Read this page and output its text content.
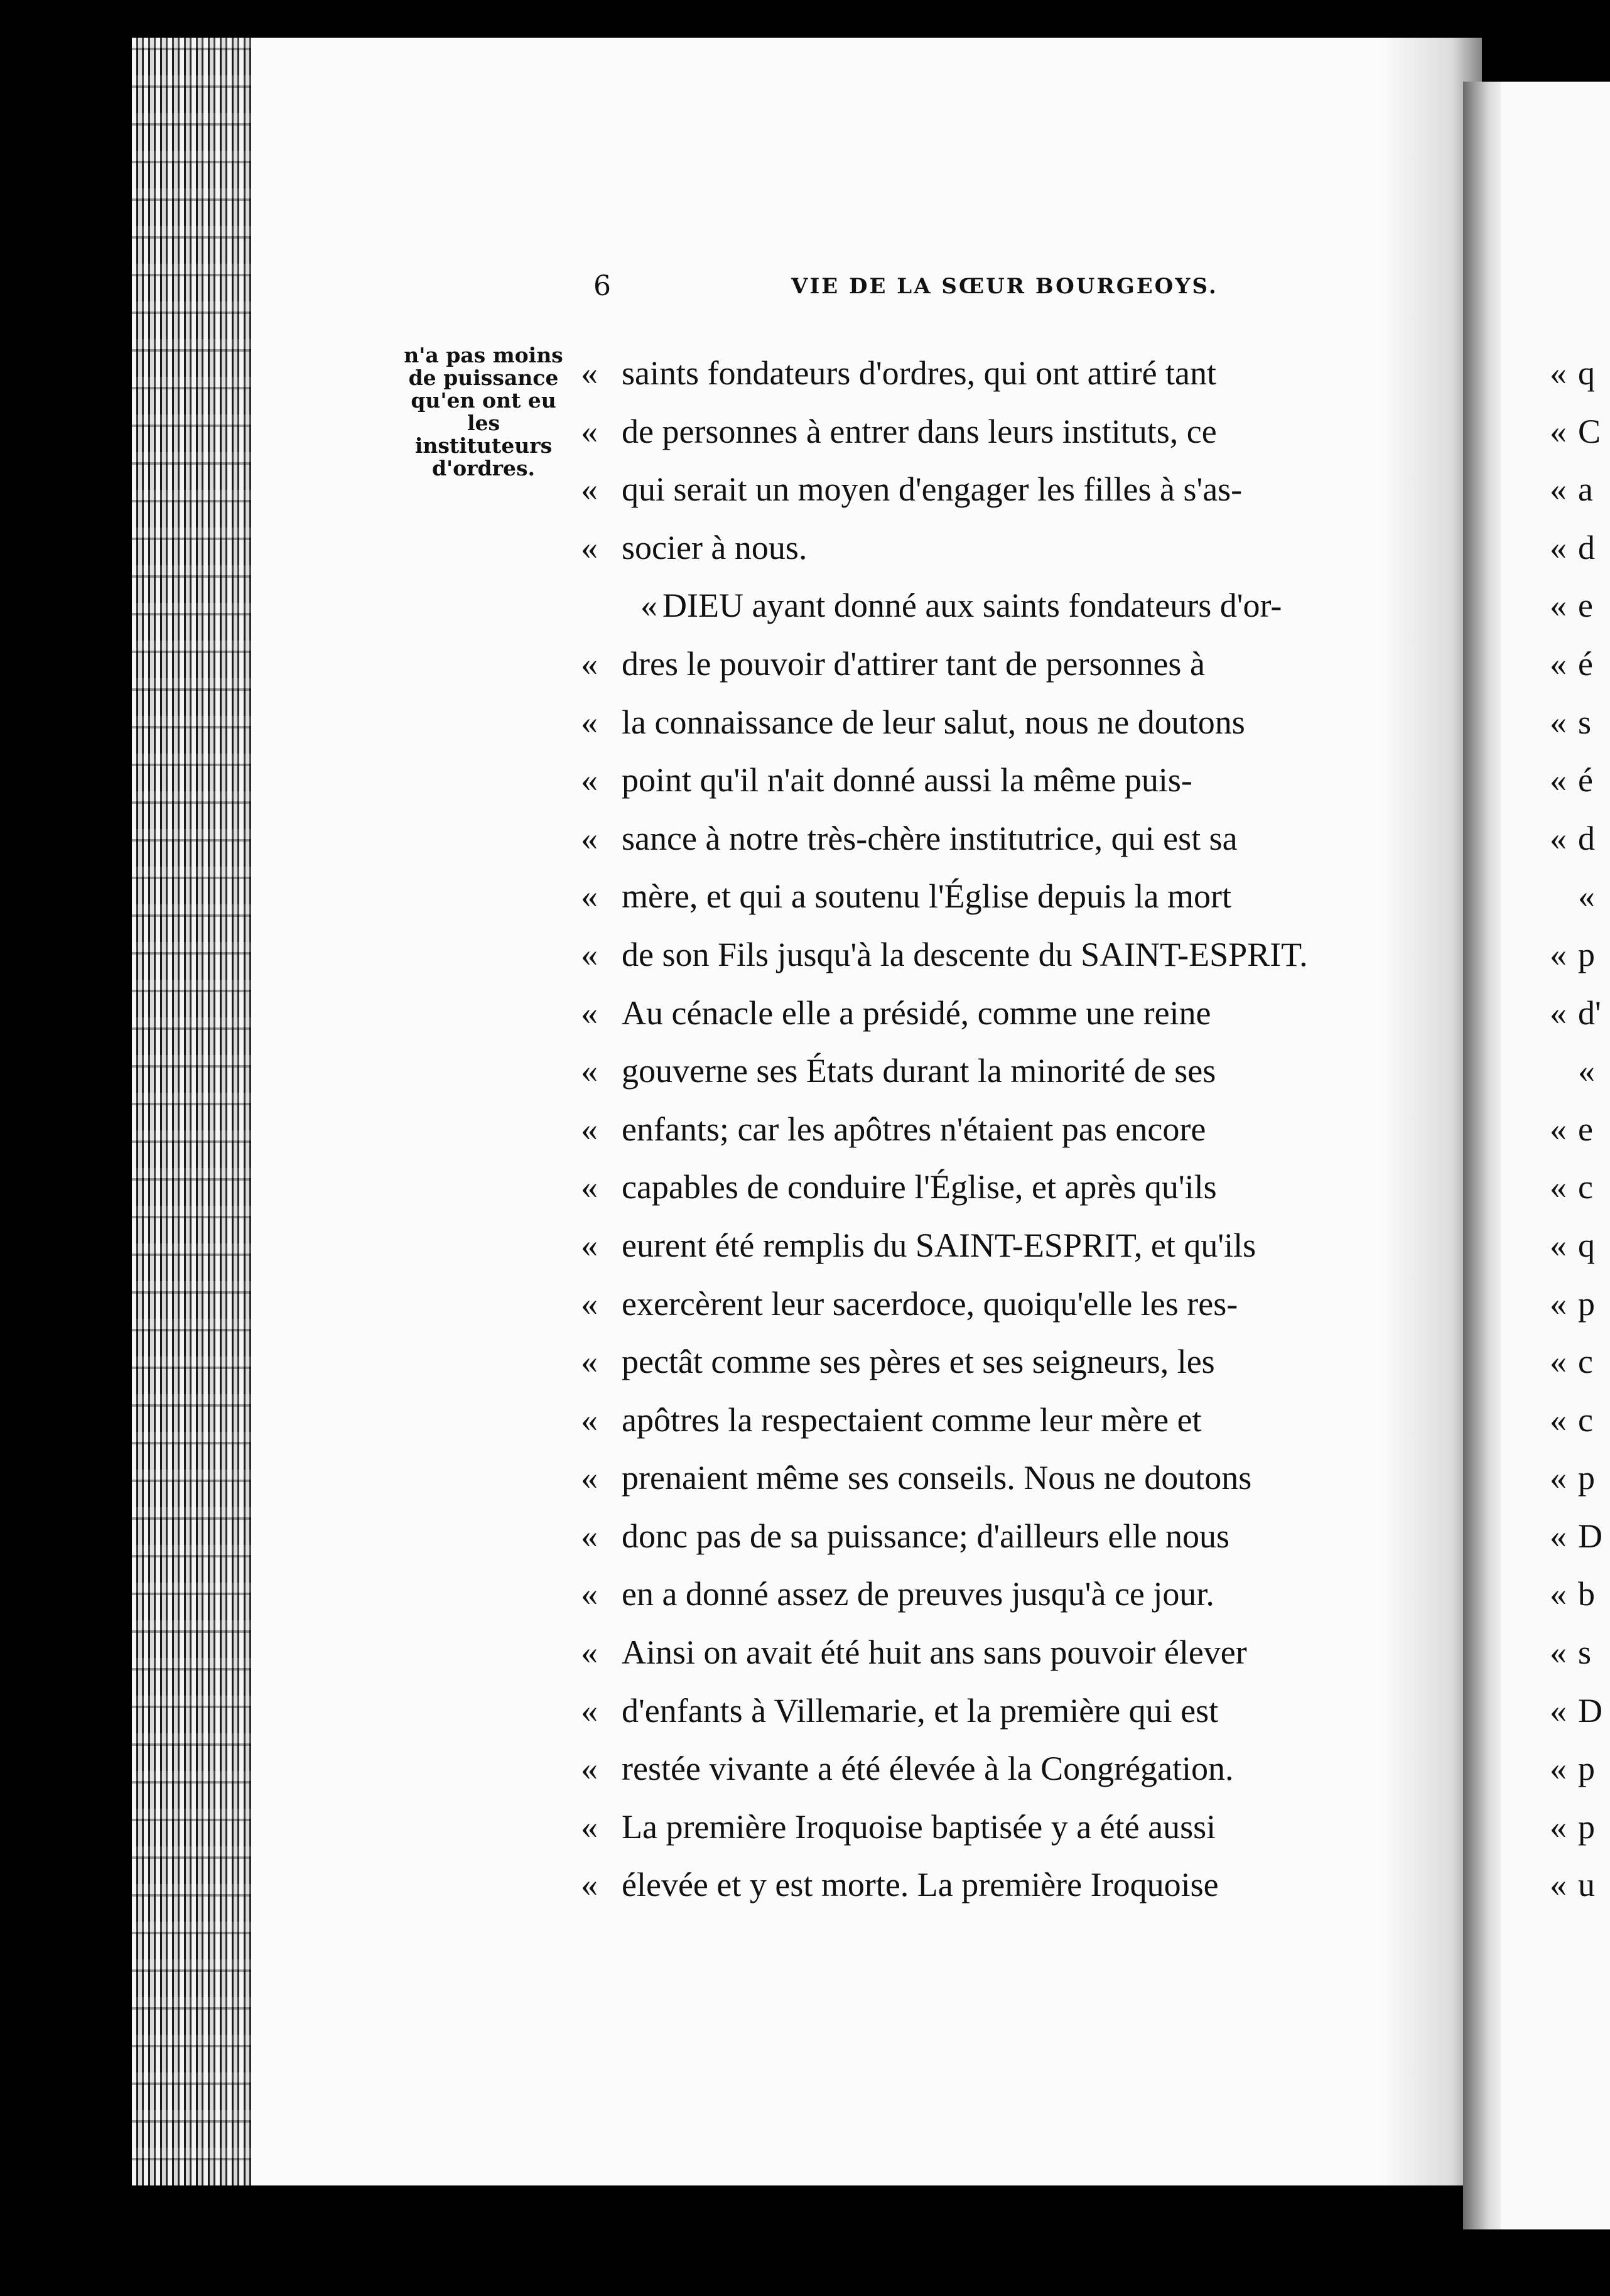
6	VIE DE LA SŒUR BOURGEOYS.
n'a pas moins
de puissance
qu'en ont eu
les
instituteurs
d'ordres.
« saints fondateurs d'ordres, qui ont attiré tant
« de personnes à entrer dans leurs instituts, ce
« qui serait un moyen d'engager les filles à s'as-
« socier à nous.
« DIEU ayant donné aux saints fondateurs d'or-
« dres le pouvoir d'attirer tant de personnes à
« la connaissance de leur salut, nous ne doutons
« point qu'il n'ait donné aussi la même puis-
« sance à notre très-chère institutrice, qui est sa
« mère, et qui a soutenu l'Église depuis la mort
« de son Fils jusqu'à la descente du SAINT-ESPRIT.
« Au cénacle elle a présidé, comme une reine
« gouverne ses États durant la minorité de ses
« enfants; car les apôtres n'étaient pas encore
« capables de conduire l'Église, et après qu'ils
« eurent été remplis du SAINT-ESPRIT, et qu'ils
« exercèrent leur sacerdoce, quoiqu'elle les res-
« pectât comme ses pères et ses seigneurs, les
« apôtres la respectaient comme leur mère et
« prenaient même ses conseils. Nous ne doutons
« donc pas de sa puissance; d'ailleurs elle nous
« en a donné assez de preuves jusqu'à ce jour.
« Ainsi on avait été huit ans sans pouvoir élever
« d'enfants à Villemarie, et la première qui est
« restée vivante a été élevée à la Congrégation.
« La première Iroquoise baptisée y a été aussi
« élevée et y est morte. La première Iroquoise
« q
« C
« a
« d
« e
« é
« s
« é
« d
«
« p
« d'
«
« e
« c
« q
« p
« c
« c
« p
« D
« b
« s
« D
« p
« p
« u
